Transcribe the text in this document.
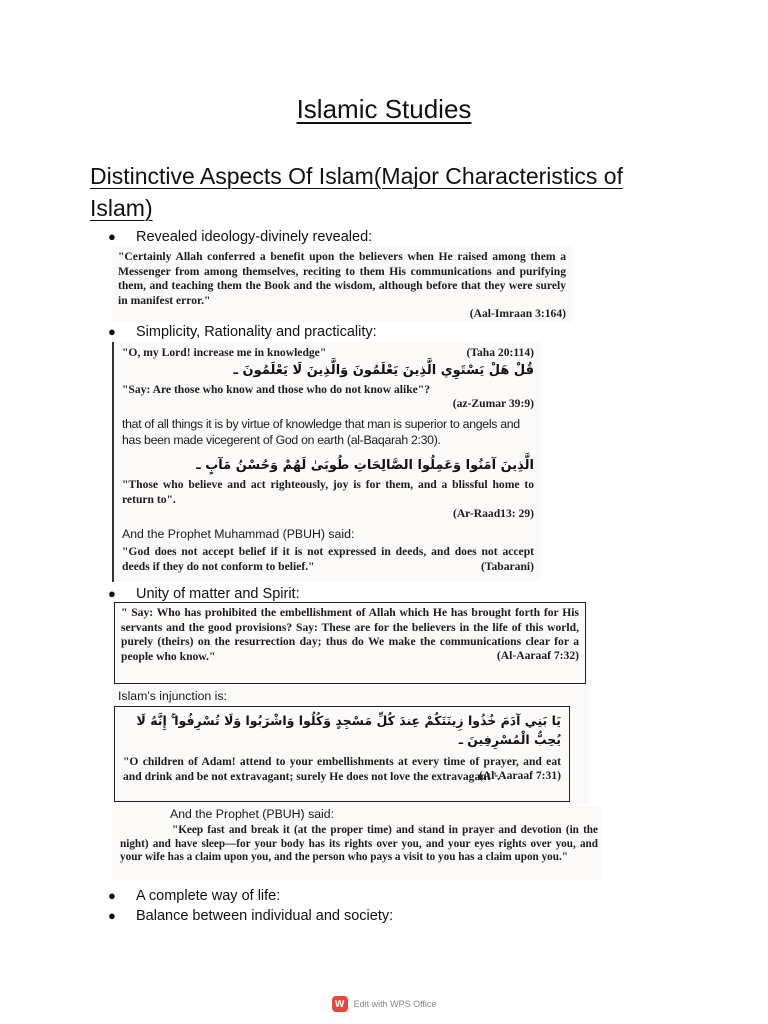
Islamic Studies
Distinctive Aspects Of Islam(Major Characteristics of Islam)
● Revealed ideology-divinely revealed:

"Certainly Allah conferred a benefit upon the believers when He raised among them a Messenger from among themselves, reciting to them His communications and purifying them, and teaching them the Book and the wisdom, although before that they were surely in manifest error."

(Aal-Imraan 3:164)

● Simplicity, Rationality and practicality:

"O, my Lord! increase me in knowledge"	(Taha 20:114)

قُلْ هَلْ يَسْتَوِي الَّذِينَ يَعْلَمُونَ وَالَّذِينَ لَا يَعْلَمُونَ ـ

"Say: Are those who know and those who do not know alike"?

(az-Zumar 39:9)

that of all things it is by virtue of knowledge that man is superior to angels and has been made vicegerent of God on earth (al-Baqarah 2:30).

الَّذِينَ آمَنُوا وَعَمِلُوا الصَّالِحَاتِ طُوبَىٰ لَهُمْ وَحُسْنُ مَآبٍ ـ

"Those who believe and act righteously, joy is for them, and a blissful home to return to".

(Ar-Raad13: 29)

And the Prophet Muhammad (PBUH) said:

"God does not accept belief if it is not expressed in deeds, and does not accept deeds if they do not conform to belief."	(Tabarani)

● Unity of matter and Spirit:

" Say: Who has prohibited the embellishment of Allah which He has brought forth for His servants and the good provisions? Say: These are for the believers in the life of this world, purely (theirs) on the resurrection day; thus do We make the communications clear for a people who know."	(Al-Aaraaf 7:32)

Islam's injunction is:

يَا بَنِي آدَمَ خُذُوا زِينَتَكُمْ عِندَ كُلِّ مَسْجِدٍ وَكُلُوا وَاشْرَبُوا وَلَا تُسْرِفُوا ۚ إِنَّهُ لَا يُحِبُّ الْمُسْرِفِينَ ـ

"O children of Adam! attend to your embellishments at every time of prayer, and eat and drink and be not extravagant; surely He does not love the extravagant".

(Al-Aaraaf 7:31)

And the Prophet (PBUH) said:

"Keep fast and break it (at the proper time) and stand in prayer and devotion (in the night) and have sleep—for your body has its rights over you, and your eyes rights over you, and your wife has a claim upon you, and the person who pays a visit to you has a claim upon you."

● A complete way of life:
● Balance between individual and society:
W	Edit with WPS Office
